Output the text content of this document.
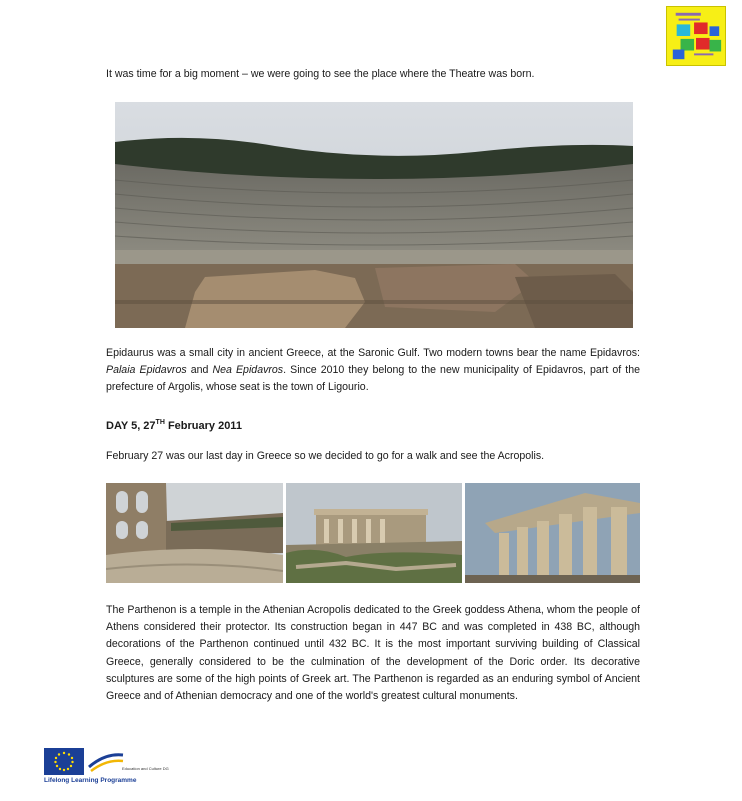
It was time for a big moment – we were going to see the place where the Theatre was born.

Epidaurus was a small city in ancient Greece, at the Saronic Gulf. Two modern towns bear the name Epidavros: Palaia Epidavros and Nea Epidavros. Since 2010 they belong to the new municipality of Epidavros, part of the prefecture of Argolis, whose seat is the town of Ligourio.

DAY 5, 27TH February 2011

February 27 was our last day in Greece so we decided to go for a walk and see the Acropolis.

The Parthenon is a temple in the Athenian Acropolis dedicated to the Greek goddess Athena, whom the people of Athens considered their protector. Its construction began in 447 BC and was completed in 438 BC, although decorations of the Parthenon continued until 432 BC. It is the most important surviving building of Classical Greece, generally considered to be the culmination of the development of the Doric order. Its decorative sculptures are some of the high points of Greek art. The Parthenon is regarded as an enduring symbol of Ancient Greece and of Athenian democracy and one of the world's greatest cultural monuments.

Education and Culture DG
Lifelong Learning Programme
